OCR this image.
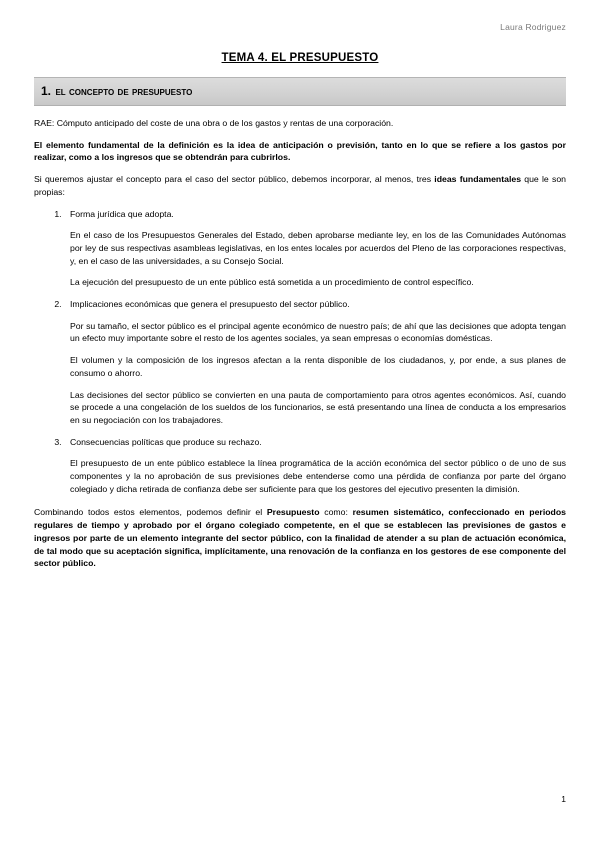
Laura Rodriguez
TEMA 4. EL PRESUPUESTO
1. el concepto de presupuesto

RAE: Cómputo anticipado del coste de una obra o de los gastos y rentas de una corporación.

El elemento fundamental de la definición es la idea de anticipación o previsión, tanto en lo que se refiere a los gastos por realizar, como a los ingresos que se obtendrán para cubrirlos.

Si queremos ajustar el concepto para el caso del sector público, debemos incorporar, al menos, tres ideas fundamentales que le son propias:

1. Forma jurídica que adopta.

En el caso de los Presupuestos Generales del Estado, deben aprobarse mediante ley, en los de las Comunidades Autónomas por ley de sus respectivas asambleas legislativas, en los entes locales por acuerdos del Pleno de las corporaciones respectivas, y, en el caso de las universidades, a su Consejo Social.

La ejecución del presupuesto de un ente público está sometida a un procedimiento de control específico.

2. Implicaciones económicas que genera el presupuesto del sector público.

Por su tamaño, el sector público es el principal agente económico de nuestro país; de ahí que las decisiones que adopta tengan un efecto muy importante sobre el resto de los agentes sociales, ya sean empresas o economías domésticas.

El volumen y la composición de los ingresos afectan a la renta disponible de los ciudadanos, y, por ende, a sus planes de consumo o ahorro.

Las decisiones del sector público se convierten en una pauta de comportamiento para otros agentes económicos. Así, cuando se procede a una congelación de los sueldos de los funcionarios, se está presentando una línea de conducta a los empresarios en su negociación con los trabajadores.

3. Consecuencias políticas que produce su rechazo.

El presupuesto de un ente público establece la línea programática de la acción económica del sector público o de uno de sus componentes y la no aprobación de sus previsiones debe entenderse como una pérdida de confianza por parte del órgano colegiado y dicha retirada de confianza debe ser suficiente para que los gestores del ejecutivo presenten la dimisión.

Combinando todos estos elementos, podemos definir el Presupuesto como: resumen sistemático, confeccionado en periodos regulares de tiempo y aprobado por el órgano colegiado competente, en el que se establecen las previsiones de gastos e ingresos por parte de un elemento integrante del sector público, con la finalidad de atender a su plan de actuación económica, de tal modo que su aceptación significa, implícitamente, una renovación de la confianza en los gestores de ese componente del sector público.

1
